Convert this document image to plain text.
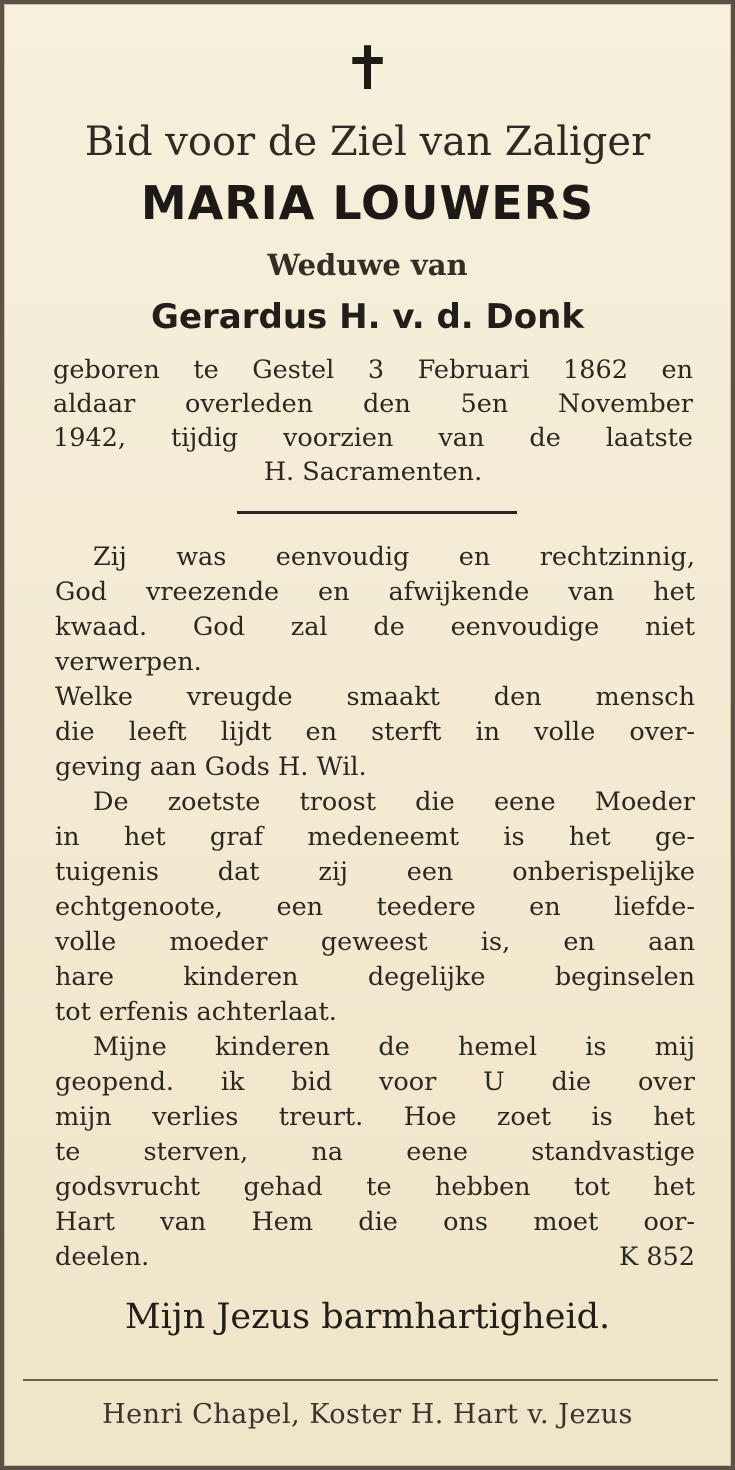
✝
Bid voor de Ziel van Zaliger
MARIA LOUWERS
Weduwe van
Gerardus H. v. d. Donk
geboren te Gestel 3 Februari 1862 en
aldaar overleden den 5en November
1942, tijdig voorzien van de laatste
H. Sacramenten.
Zij was eenvoudig en rechtzinnig,
God vreezende en afwijkende van het
kwaad. God zal de eenvoudige niet
verwerpen.
Welke vreugde smaakt den mensch
die leeft lijdt en sterft in volle over-
geving aan Gods H. Wil.
De zoetste troost die eene Moeder
in het graf medeneemt is het ge-
tuigenis dat zij een onberispelijke
echtgenoote, een teedere en liefde-
volle moeder geweest is, en aan
hare kinderen degelijke beginselen
tot erfenis achterlaat.
Mijne kinderen de hemel is mij
geopend. ik bid voor U die over
mijn verlies treurt. Hoe zoet is het
te sterven, na eene standvastige
godsvrucht gehad te hebben tot het
Hart van Hem die ons moet oor-
deelen.	K 852
Mijn Jezus barmhartigheid.
Henri Chapel, Koster H. Hart v. Jezus
